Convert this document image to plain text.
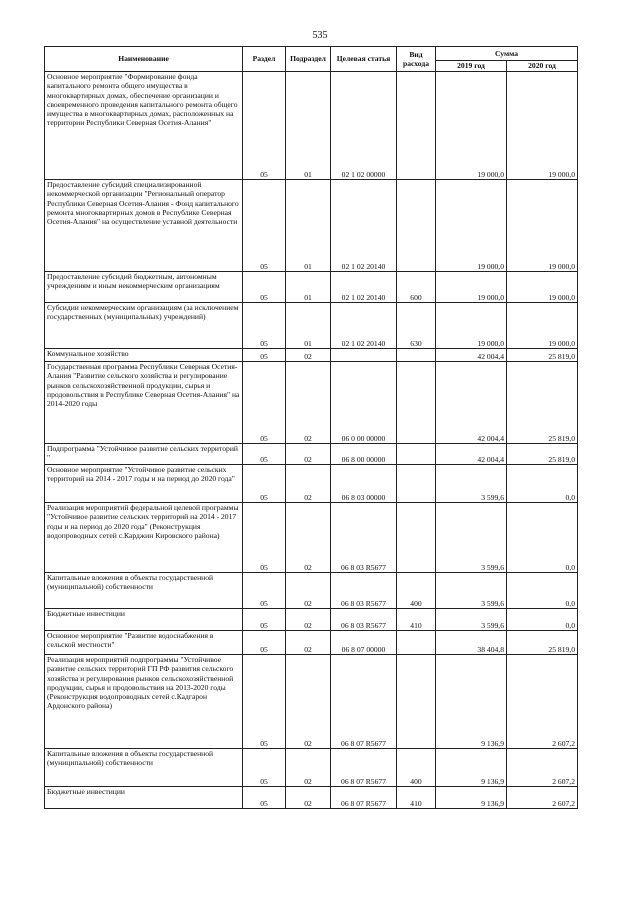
535
Наименование	Раздел	Подраздел	Целевая статья	Вид расхода	Сумма	
					2019 год	2020 год
Основное мероприятие "Формирование фонда капитального ремонта общего имущества в многоквартирных домах, обеспечение организации и своевременного проведения капитального ремонта общего имущества в многоквартирных домах, расположенных на территории Республики Северная Осетия-Алания"	05	01	02 1 02 00000		19 000,0	19 000,0
Предоставление субсидий специализированной некоммерческой организации "Региональный оператор Республики Северная Осетия-Алания - Фонд капитального ремонта многоквартирных домов в Республике Северная Осетия-Алания" на осуществление уставной деятельности	05	01	02 1 02 20140		19 000,0	19 000,0
Предоставление субсидий бюджетным, автономным учреждениям и иным некоммерческим организациям	05	01	02 1 02 20140	600	19 000,0	19 000,0
Субсидии некоммерческим организациям (за исключением государственных (муниципальных) учреждений)	05	01	02 1 02 20140	630	19 000,0	19 000,0
Коммунальное хозяйство	05	02			42 004,4	25 819,0
Государственная программа Республики Северная Осетия-Алания "Развитие сельского хозяйства и регулирование рынков сельскохозяйственной продукции, сырья и продовольствия в Республике Северная Осетия-Алания" на 2014-2020 годы	05	02	06 0 00 00000		42 004,4	25 819,0
Подпрограмма "Устойчивое развитие сельских территорий "	05	02	06 8 00 00000		42 004,4	25 819,0
Основное мероприятие "Устойчивое развитие сельских территорий на 2014 - 2017 годы и на период до 2020 года"	05	02	06 8 03 00000		3 599,6	0,0
Реализация мероприятий федеральной целевой программы "Устойчивое развитие сельских территорий на 2014 - 2017 годы и на период до 2020 года" (Реконструкция водопроводных сетей с.Карджин Кировского района)	05	02	06 8 03 R5677		3 599,6	0,0
Капитальные вложения в объекты государственной (муниципальной) собственности	05	02	06 8 03 R5677	400	3 599,6	0,0
Бюджетные инвестиции	05	02	06 8 03 R5677	410	3 599,6	0,0
Основное мероприятие "Развитие водоснабжения в сельской местности"	05	02	06 8 07 00000		38 404,8	25 819,0
Реализация мероприятий подпрограммы "Устойчивое развитие сельских территорий ГП РФ развития сельского хозяйства и регулирования рынков сельскохозяйственной продукции, сырья и продовольствия на 2013-2020 годы (Реконструкция водопроводных сетей с.Кадгарон Ардонского района)	05	02	06 8 07 R5677		9 136,9	2 607,2
Капитальные вложения в объекты государственной (муниципальной) собственности	05	02	06 8 07 R5677	400	9 136,9	2 607,2
Бюджетные инвестиции	05	02	06 8 07 R5677	410	9 136,9	2 607,2
